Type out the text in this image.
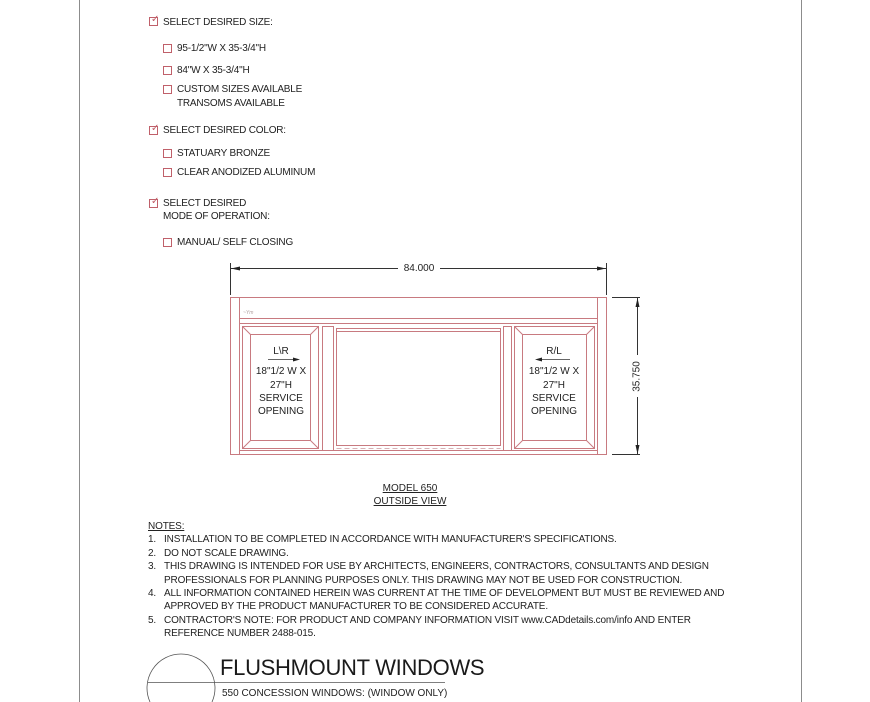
✓ SELECT DESIRED SIZE:
95-1/2"W X 35-3/4"H
84"W X 35-3/4"H
CUSTOM SIZES AVAILABLE
TRANSOMS AVAILABLE
✓ SELECT DESIRED COLOR:
STATUARY BRONZE
CLEAR ANODIZED ALUMINUM
✓ SELECT DESIRED
MODE OF OPERATION:
MANUAL/ SELF CLOSING
~Ym
84.000
35.750
L\R
18"1/2 W X
27"H
SERVICE
OPENING
R/L
18"1/2 W X
27"H
SERVICE
OPENING
MODEL 650
OUTSIDE VIEW
NOTES:
1. INSTALLATION TO BE COMPLETED IN ACCORDANCE WITH MANUFACTURER'S SPECIFICATIONS.
2. DO NOT SCALE DRAWING.
3. THIS DRAWING IS INTENDED FOR USE BY ARCHITECTS, ENGINEERS, CONTRACTORS, CONSULTANTS AND DESIGN
PROFESSIONALS FOR PLANNING PURPOSES ONLY. THIS DRAWING MAY NOT BE USED FOR CONSTRUCTION.
4. ALL INFORMATION CONTAINED HEREIN WAS CURRENT AT THE TIME OF DEVELOPMENT BUT MUST BE REVIEWED AND
APPROVED BY THE PRODUCT MANUFACTURER TO BE CONSIDERED ACCURATE.
5. CONTRACTOR'S NOTE: FOR PRODUCT AND COMPANY INFORMATION VISIT www.CADdetails.com/info AND ENTER
REFERENCE NUMBER 2488-015.
FLUSHMOUNT WINDOWS
550 CONCESSION WINDOWS: (WINDOW ONLY)
